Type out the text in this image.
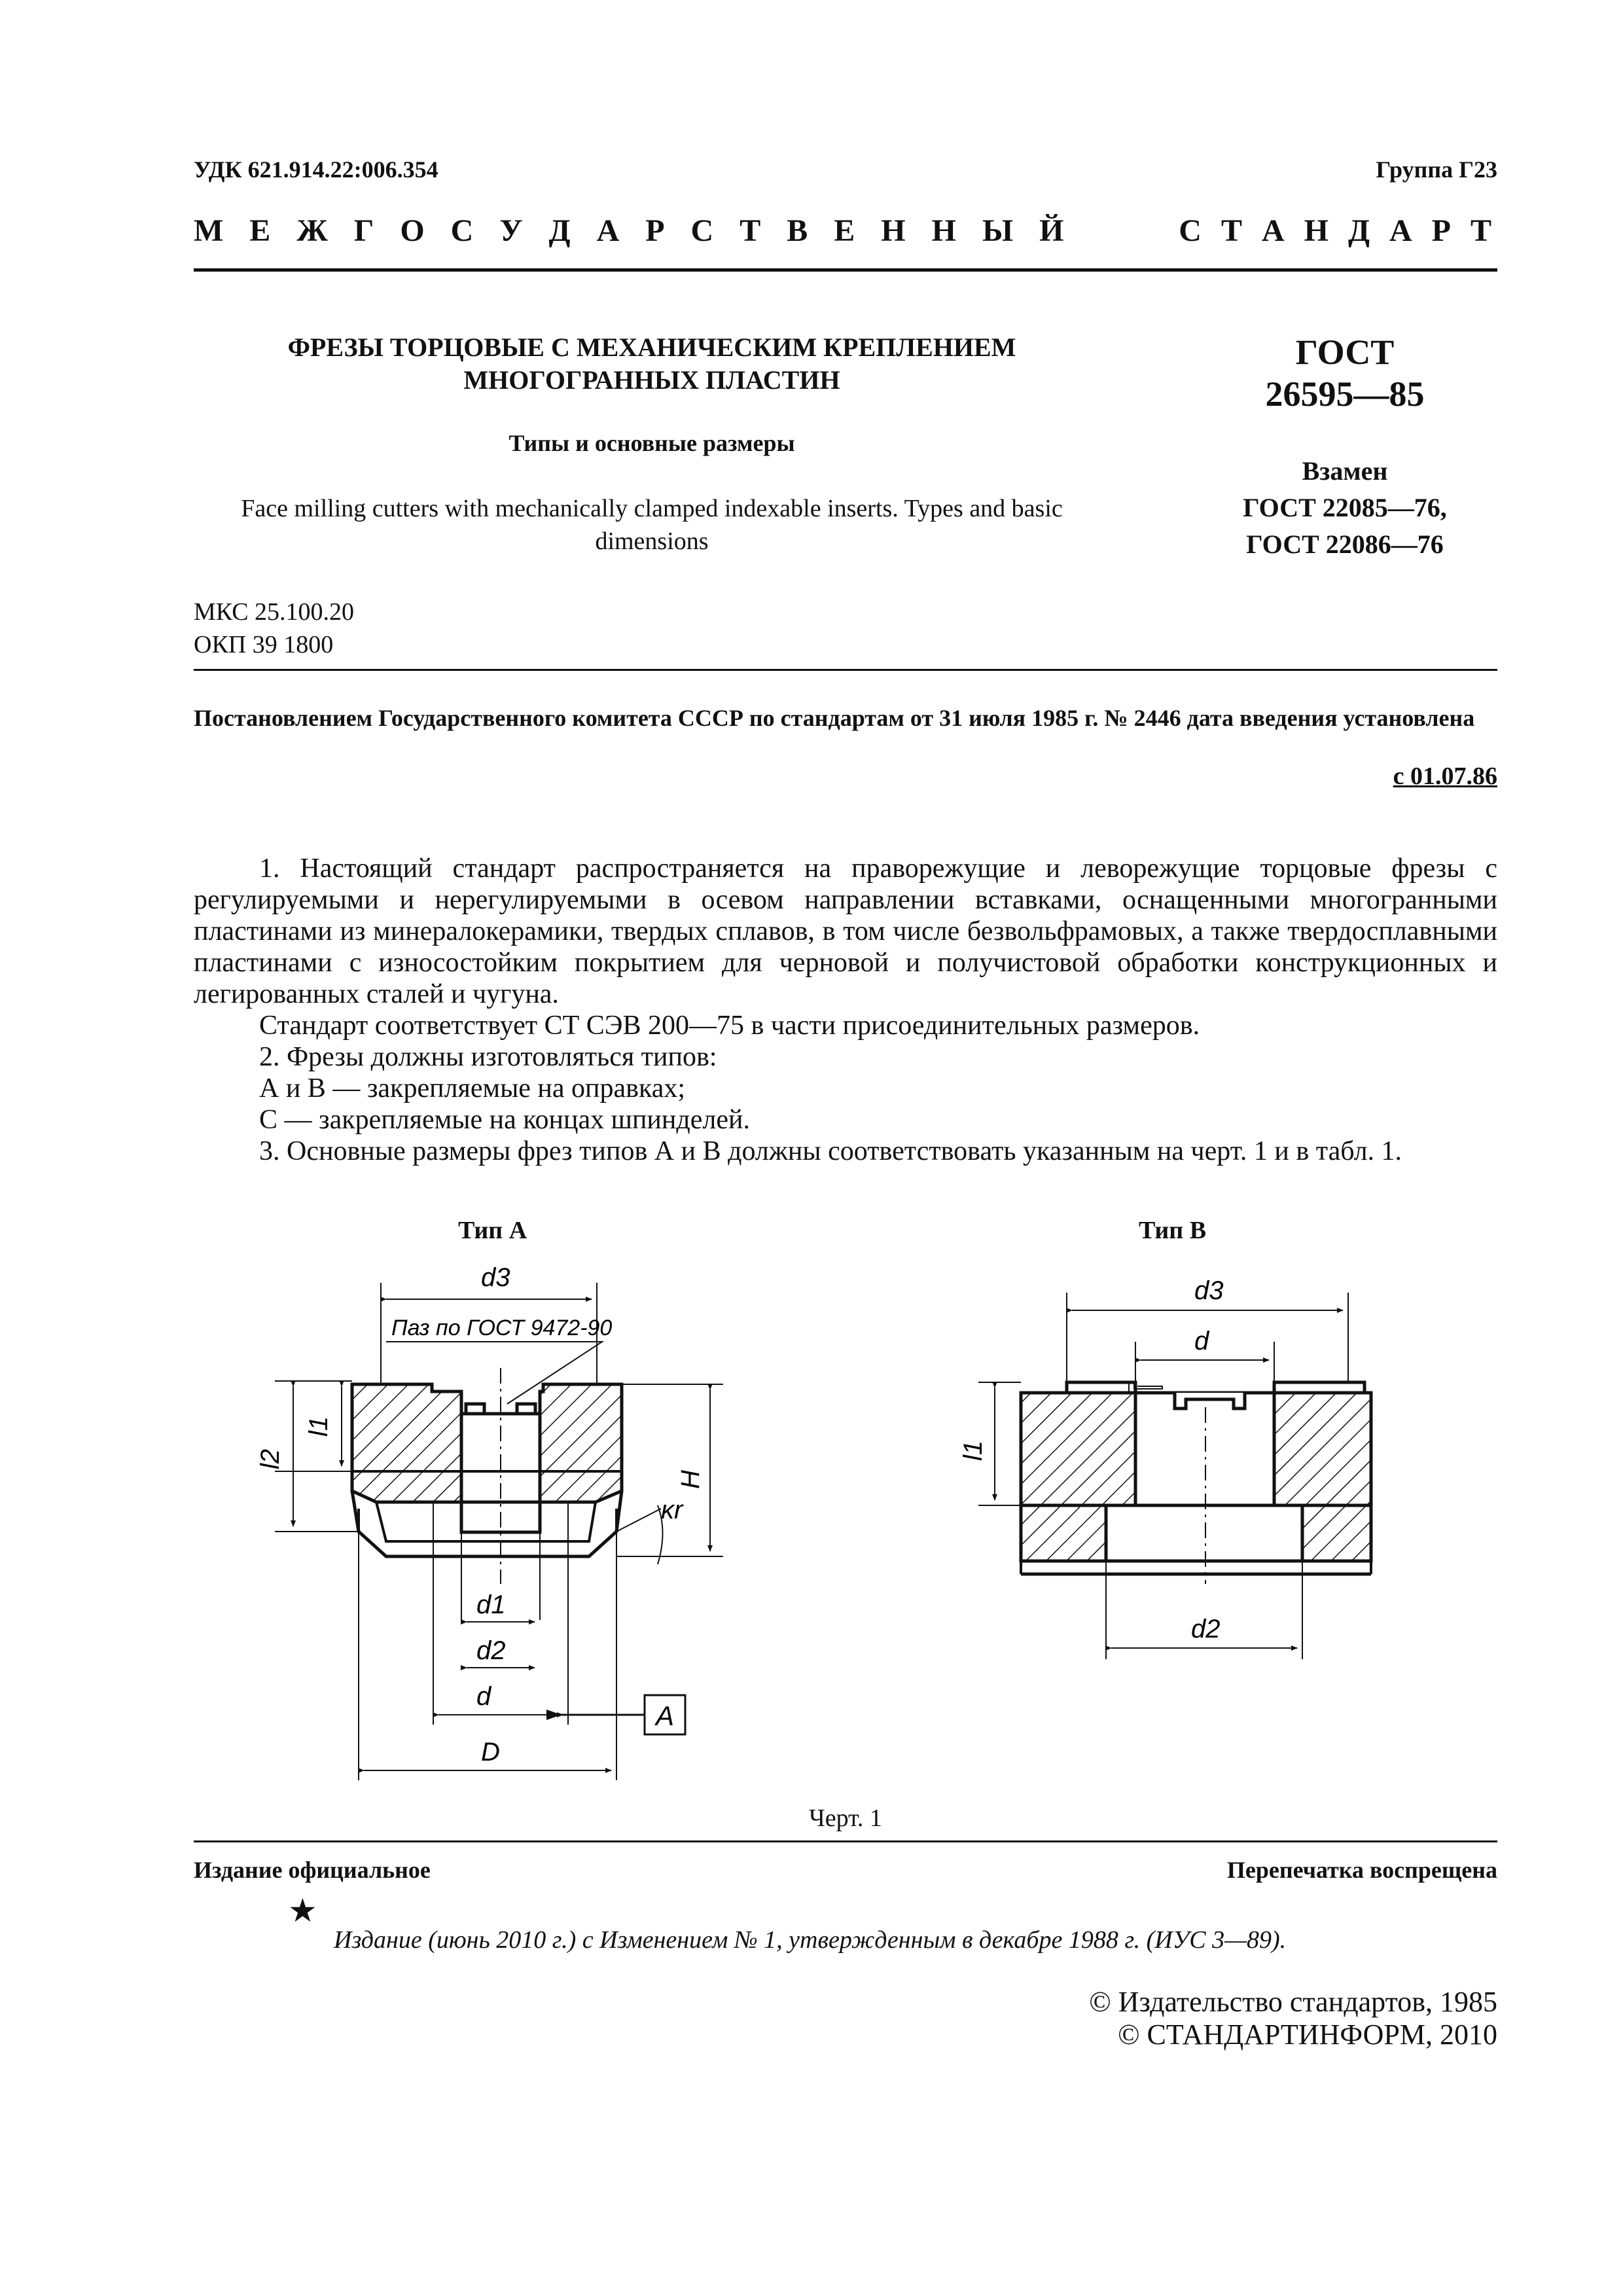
УДК 621.914.22:006.354	Группа Г23
М Е Ж Г О С У Д А Р С Т В Е Н Н Ы Й	С Т А Н Д А Р Т
ФРЕЗЫ ТОРЦОВЫЕ С МЕХАНИЧЕСКИМ КРЕПЛЕНИЕМ
МНОГОГРАННЫХ ПЛАСТИН
Типы и основные размеры
Face milling cutters with mechanically clamped indexable inserts. Types and basic dimensions
ГОСТ
26595—85
Взамен
ГОСТ 22085—76,
ГОСТ 22086—76
МКС 25.100.20
ОКП 39 1800
Постановлением Государственного комитета СССР по стандартам от 31 июля 1985 г. № 2446 дата введения установлена
с 01.07.86

1. Настоящий стандарт распространяется на праворежущие и леворежущие торцовые фрезы с регулируемыми и нерегулируемыми в осевом направлении вставками, оснащенными многогранными пластинами из минералокерамики, твердых сплавов, в том числе безвольфрамовых, а также твердосплавными пластинами с износостойким покрытием для черновой и получистовой обработки конструкционных и легированных сталей и чугуна.

Стандарт соответствует СТ СЭВ 200—75 в части присоединительных размеров.

2. Фрезы должны изготовляться типов:

А и В — закрепляемые на оправках;

С — закрепляемые на концах шпинделей.

3. Основные размеры фрез типов А и В должны соответствовать указанным на черт. 1 и в табл. 1.

Тип А	Тип В
d3
Паз по ГОСТ 9472-90
l1
l2
H
κr
d1
d2
d
D
A
d3
d
l1
d2
Черт. 1
Издание официальное	Перепечатка воспрещена
★
Издание (июнь 2010 г.) с Изменением № 1, утвержденным в декабре 1988 г. (ИУС 3—89).
© Издательство стандартов, 1985
© СТАНДАРТИНФОРМ, 2010
